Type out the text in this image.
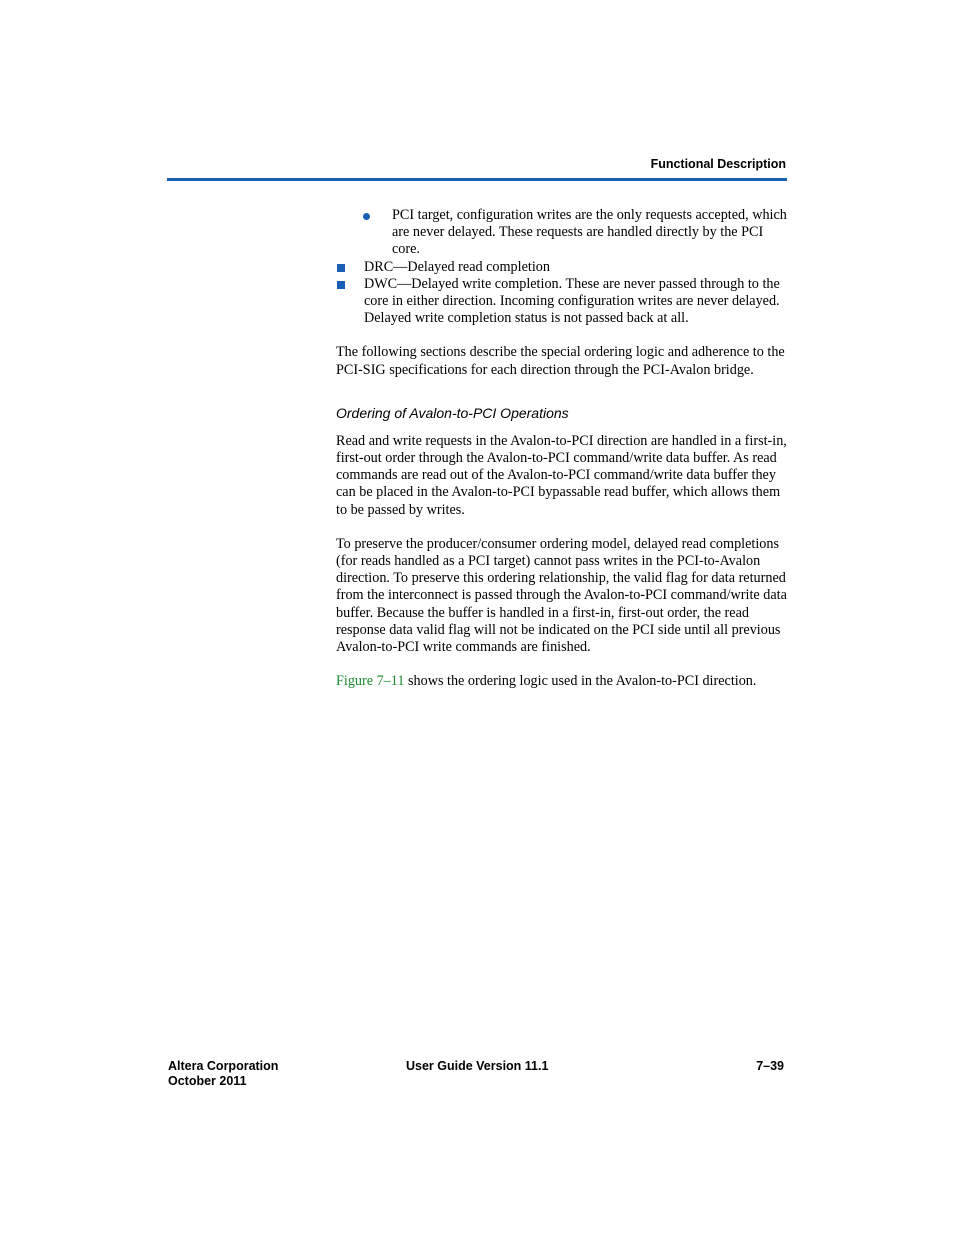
Functional Description
PCI target, configuration writes are the only requests accepted, which are never delayed. These requests are handled directly by the PCI core.
DRC—Delayed read completion
DWC—Delayed write completion. These are never passed through to the core in either direction. Incoming configuration writes are never delayed. Delayed write completion status is not passed back at all.

The following sections describe the special ordering logic and adherence to the PCI-SIG specifications for each direction through the PCI-Avalon bridge.

Ordering of Avalon-to-PCI Operations

Read and write requests in the Avalon-to-PCI direction are handled in a first-in, first-out order through the Avalon-to-PCI command/write data buffer. As read commands are read out of the Avalon-to-PCI command/write data buffer they can be placed in the Avalon-to-PCI bypassable read buffer, which allows them to be passed by writes.

To preserve the producer/consumer ordering model, delayed read completions (for reads handled as a PCI target) cannot pass writes in the PCI-to-Avalon direction. To preserve this ordering relationship, the valid flag for data returned from the interconnect is passed through the Avalon-to-PCI command/write data buffer. Because the buffer is handled in a first-in, first-out order, the read response data valid flag will not be indicated on the PCI side until all previous Avalon-to-PCI write commands are finished.

Figure 7–11 shows the ordering logic used in the Avalon-to-PCI direction.

Altera Corporation
October 2011
User Guide Version 11.1	7–39
